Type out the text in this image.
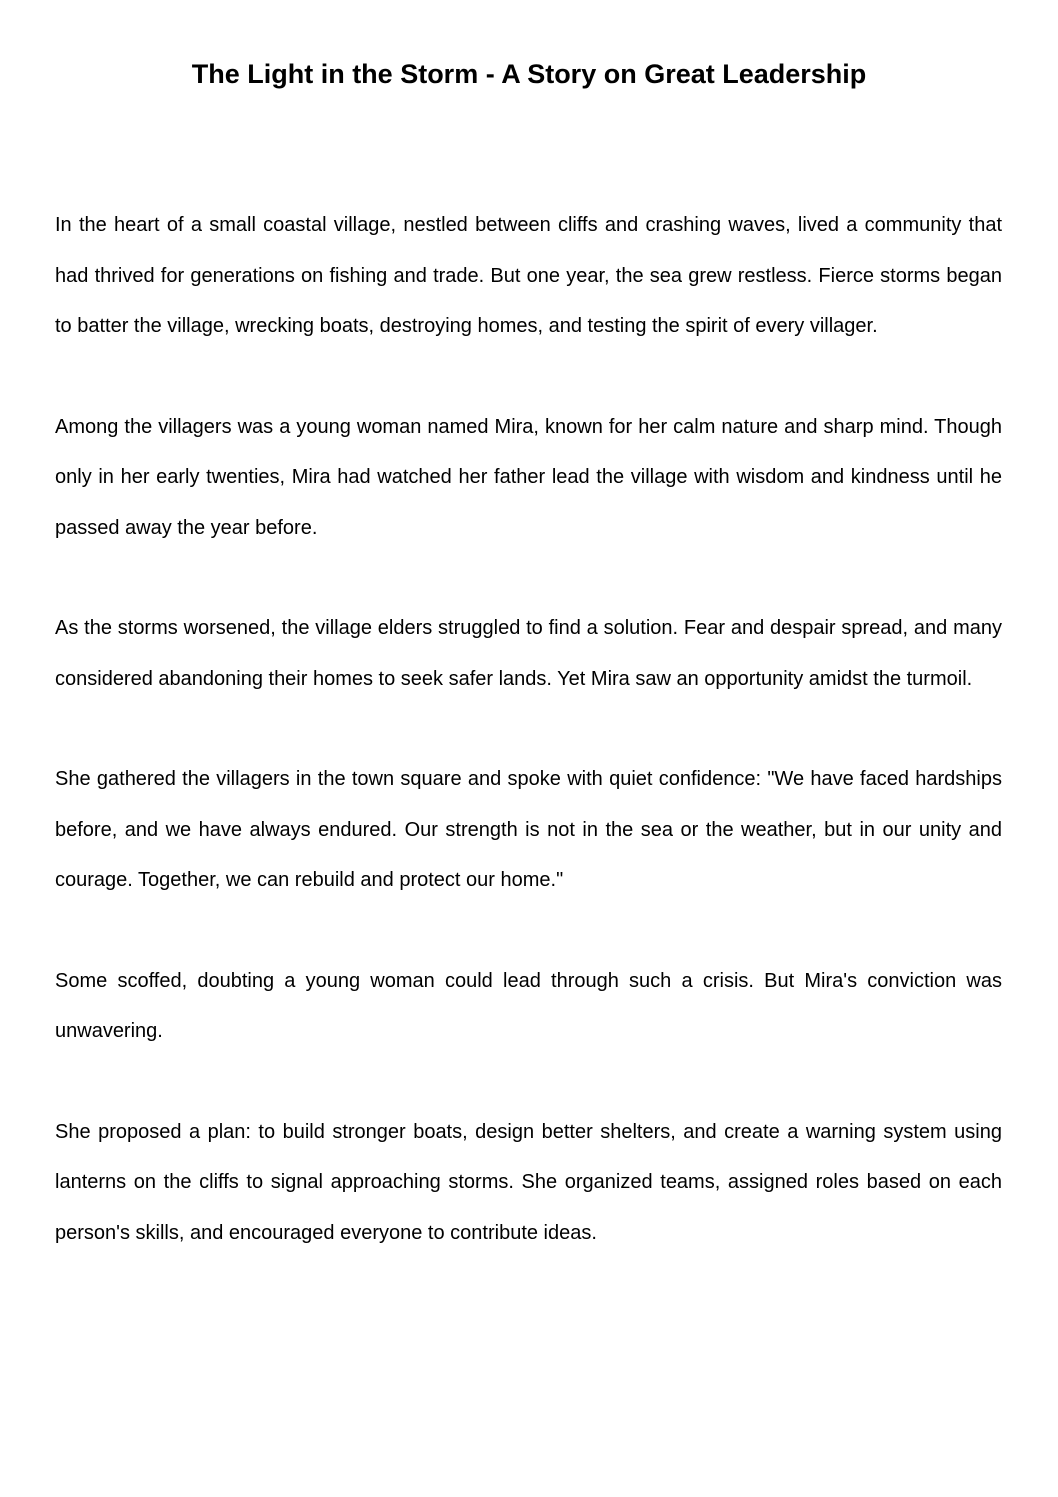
The Light in the Storm - A Story on Great Leadership

In the heart of a small coastal village, nestled between cliffs and crashing waves, lived a community that had thrived for generations on fishing and trade. But one year, the sea grew restless. Fierce storms began to batter the village, wrecking boats, destroying homes, and testing the spirit of every villager.

Among the villagers was a young woman named Mira, known for her calm nature and sharp mind. Though only in her early twenties, Mira had watched her father lead the village with wisdom and kindness until he passed away the year before.

As the storms worsened, the village elders struggled to find a solution. Fear and despair spread, and many considered abandoning their homes to seek safer lands. Yet Mira saw an opportunity amidst the turmoil.

She gathered the villagers in the town square and spoke with quiet confidence: "We have faced hardships before, and we have always endured. Our strength is not in the sea or the weather, but in our unity and courage. Together, we can rebuild and protect our home."

Some scoffed, doubting a young woman could lead through such a crisis. But Mira's conviction was unwavering.

She proposed a plan: to build stronger boats, design better shelters, and create a warning system using lanterns on the cliffs to signal approaching storms. She organized teams, assigned roles based on each person's skills, and encouraged everyone to contribute ideas.
